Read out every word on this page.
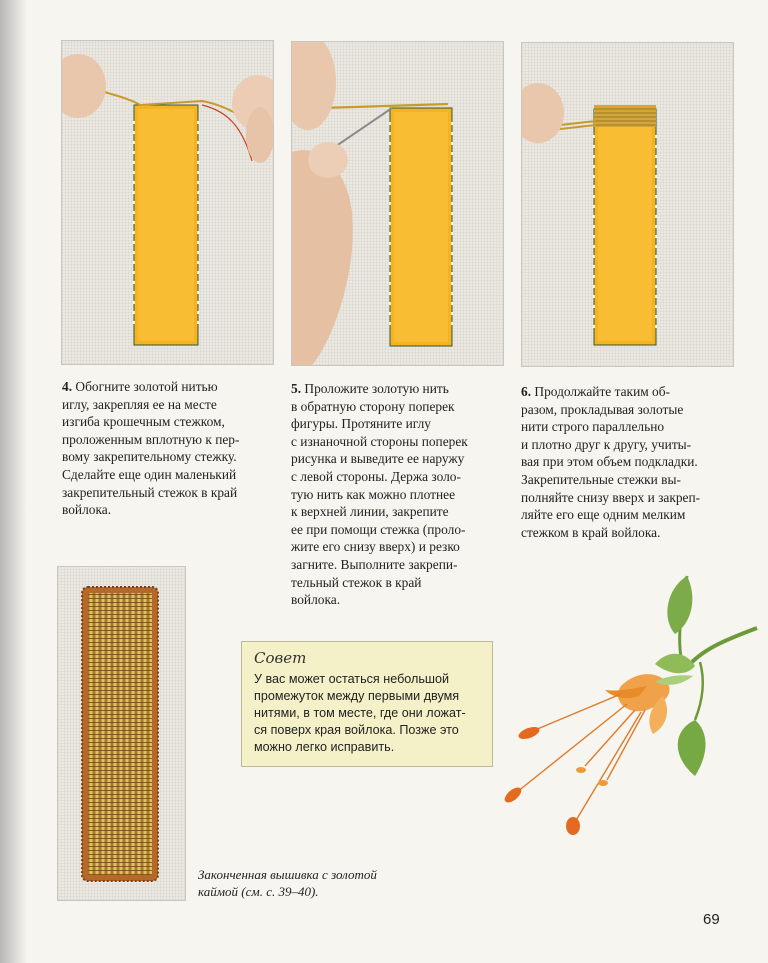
4. Обогните золотой нитью
иглу, закрепляя ее на месте
изгиба крошечным стежком,
проложенным вплотную к пер-
вому закрепительному стежку.
Сделайте еще один маленький
закрепительный стежок в край
войлока.
5. Проложите золотую нить
в обратную сторону поперек
фигуры. Протяните иглу
с изнаночной стороны поперек
рисунка и выведите ее наружу
с левой стороны. Держа золо-
тую нить как можно плотнее
к верхней линии, закрепите
ее при помощи стежка (проло-
жите его снизу вверх) и резко
загните. Выполните закрепи-
тельный стежок в край
войлока.
6. Продолжайте таким об-
разом, прокладывая золотые
нити строго параллельно
и плотно друг к другу, учиты-
вая при этом объем подкладки.
Закрепительные стежки вы-
полняйте снизу вверх и закреп-
ляйте его еще одним мелким
стежком в край войлока.
Совет
У вас может остаться небольшой
промежуток между первыми двумя
нитями, в том месте, где они ложат-
ся поверх края войлока. Позже это
можно легко исправить.
Законченная вышивка с золотой
каймой (см. с. 39–40).
69
